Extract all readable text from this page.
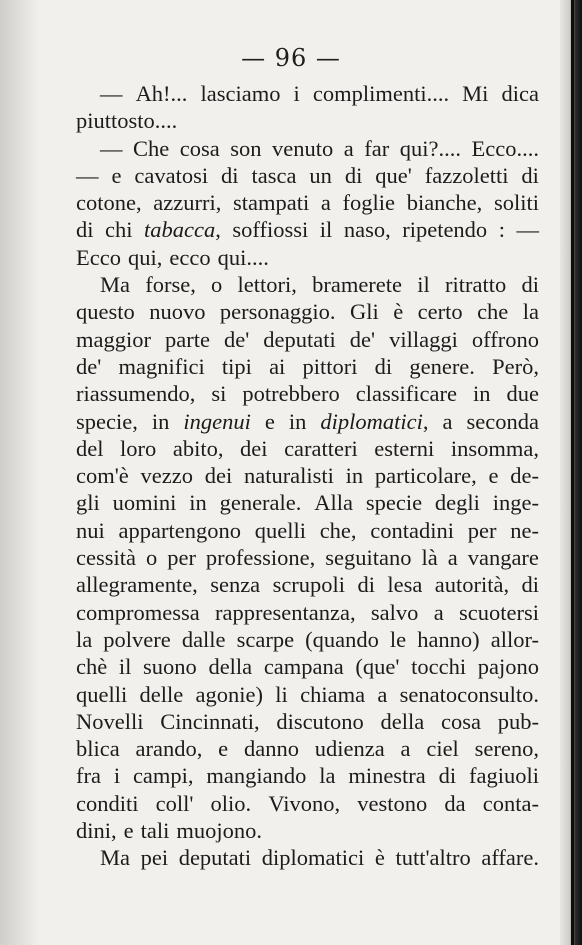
— 96 —
— Ah!... lasciamo i complimenti.... Mi dica
piuttosto....
— Che cosa son venuto a far qui?.... Ecco....
— e cavatosi di tasca un di que' fazzoletti di
cotone, azzurri, stampati a foglie bianche, soliti
di chi tabacca, soffiossi il naso, ripetendo : —
Ecco qui, ecco qui....
Ma forse, o lettori, bramerete il ritratto di
questo nuovo personaggio. Gli è certo che la
maggior parte de' deputati de' villaggi offrono
de' magnifici tipi ai pittori di genere. Però,
riassumendo, si potrebbero classificare in due
specie, in ingenui e in diplomatici, a seconda
del loro abito, dei caratteri esterni insomma,
com'è vezzo dei naturalisti in particolare, e de-
gli uomini in generale. Alla specie degli inge-
nui appartengono quelli che, contadini per ne-
cessità o per professione, seguitano là a vangare
allegramente, senza scrupoli di lesa autorità, di
compromessa rappresentanza, salvo a scuotersi
la polvere dalle scarpe (quando le hanno) allor-
chè il suono della campana (que' tocchi pajono
quelli delle agonie) li chiama a senatoconsulto.
Novelli Cincinnati, discutono della cosa pub-
blica arando, e danno udienza a ciel sereno,
fra i campi, mangiando la minestra di fagiuoli
conditi coll' olio. Vivono, vestono da conta-
dini, e tali muojono.
Ma pei deputati diplomatici è tutt'altro affare.
